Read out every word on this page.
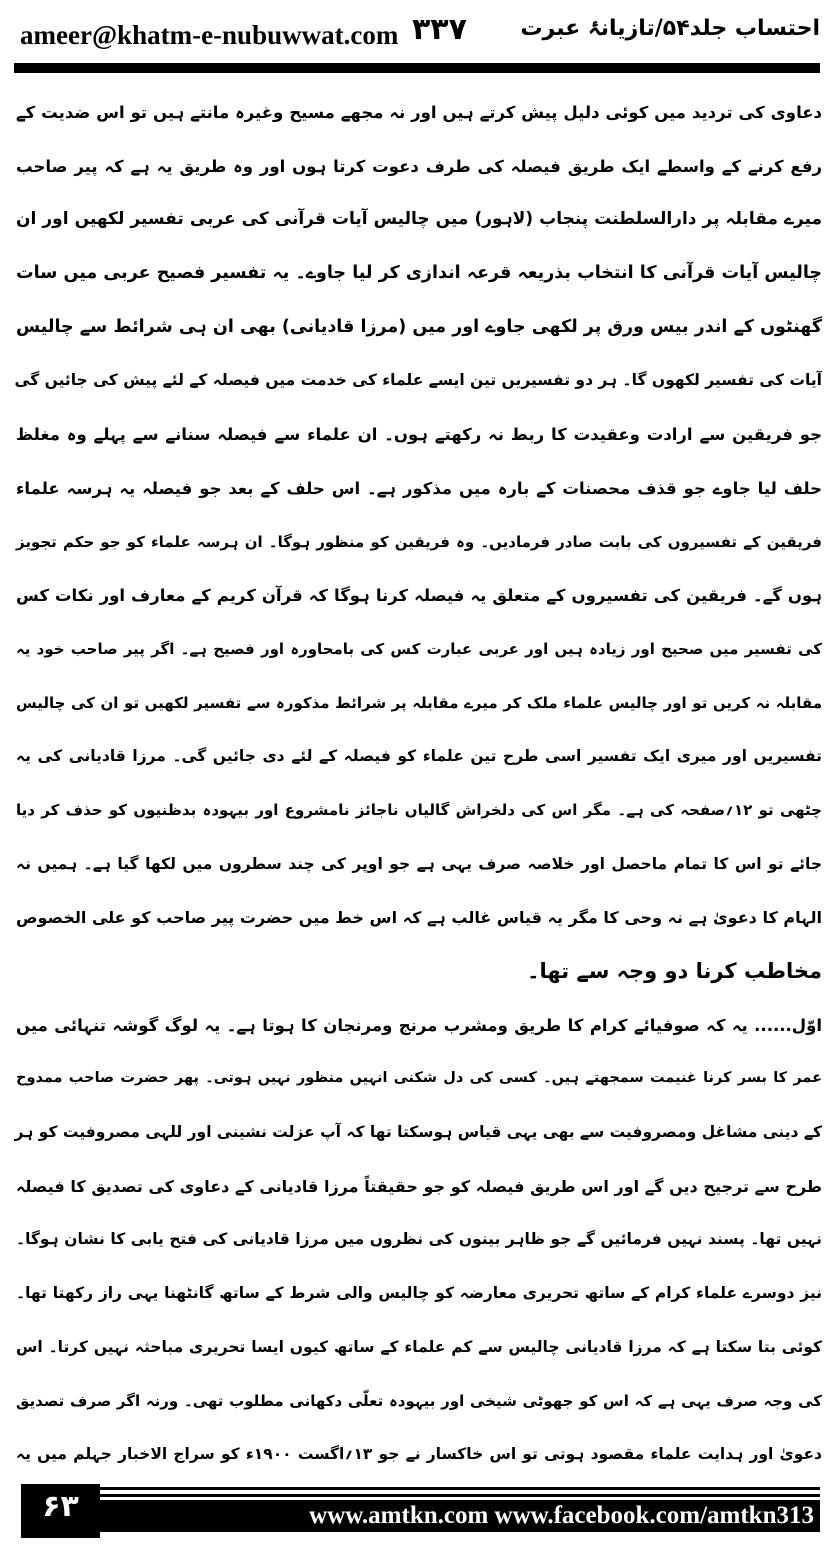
ameer@khatm-e-nubuwwat.com ۳۳۷ احتساب جلد۵۴/تازیانۂ عبرت
دعاوی کی تردید میں کوئی دلیل پیش کرتے ہیں اور نہ مجھے مسیح وغیرہ مانتے ہیں تو اس ضدیت کے
رفع کرنے کے واسطے ایک طریق فیصلہ کی طرف دعوت کرتا ہوں اور وہ طریق یہ ہے کہ پیر صاحب
میرے مقابلہ پر دارالسلطنت پنجاب (لاہور) میں چالیس آیات قرآنی کی عربی تفسیر لکھیں اور ان
چالیس آیات قرآنی کا انتخاب بذریعہ قرعہ اندازی کر لیا جاوے۔ یہ تفسیر فصیح عربی میں سات
گھنٹوں کے اندر بیس ورق پر لکھی جاوے اور میں (مرزا قادیانی) بھی ان ہی شرائط سے چالیس
آیات کی تفسیر لکھوں گا۔ ہر دو تفسیریں تین ایسے علماء کی خدمت میں فیصلہ کے لئے پیش کی جائیں گی
جو فریقین سے ارادت وعقیدت کا ربط نہ رکھتے ہوں۔ ان علماء سے فیصلہ سنانے سے پہلے وہ مغلظ
حلف لیا جاوے جو قذف محصنات کے بارہ میں مذکور ہے۔ اس حلف کے بعد جو فیصلہ یہ ہرسہ علماء
فریقین کے تفسیروں کی بابت صادر فرمادیں۔ وہ فریقین کو منظور ہوگا۔ ان ہرسہ علماء کو جو حکم تجویز
ہوں گے۔ فریقین کی تفسیروں کے متعلق یہ فیصلہ کرنا ہوگا کہ قرآن کریم کے معارف اور نکات کس
کی تفسیر میں صحیح اور زیادہ ہیں اور عربی عبارت کس کی بامحاورہ اور فصیح ہے۔ اگر پیر صاحب خود یہ
مقابلہ نہ کریں تو اور چالیس علماء ملک کر میرے مقابلہ پر شرائط مذکورہ سے تفسیر لکھیں تو ان کی چالیس
تفسیریں اور میری ایک تفسیر اسی طرح تین علماء کو فیصلہ کے لئے دی جائیں گی۔ مرزا قادیانی کی یہ
چٹھی تو ۱۲؍صفحہ کی ہے۔ مگر اس کی دلخراش گالیاں ناجائز نامشروع اور بیہودہ بدظنیوں کو حذف کر دیا
جائے تو اس کا تمام ماحصل اور خلاصہ صرف یہی ہے جو اوپر کی چند سطروں میں لکھا گیا ہے۔ ہمیں نہ
الہام کا دعویٰ ہے نہ وحی کا مگر یہ قیاس غالب ہے کہ اس خط میں حضرت پیر صاحب کو علی الخصوص
مخاطب کرنا دو وجہ سے تھا۔
اوّل...... یہ کہ صوفیائے کرام کا طریق ومشرب مرنج ومرنجان کا ہوتا ہے۔ یہ لوگ گوشہ تنہائی میں
عمر کا بسر کرنا غنیمت سمجھتے ہیں۔ کسی کی دل شکنی انہیں منظور نہیں ہوتی۔ پھر حضرت صاحب ممدوح
کے دینی مشاغل ومصروفیت سے بھی یہی قیاس ہوسکتا تھا کہ آپ عزلت نشینی اور للہی مصروفیت کو ہر
طرح سے ترجیح دیں گے اور اس طریق فیصلہ کو جو حقیقتاً مرزا قادیانی کے دعاوی کی تصدیق کا فیصلہ
نہیں تھا۔ پسند نہیں فرمائیں گے جو ظاہر بینوں کی نظروں میں مرزا قادیانی کی فتح یابی کا نشان ہوگا۔
نیز دوسرے علماء کرام کے ساتھ تحریری معارضہ کو چالیس والی شرط کے ساتھ گانٹھنا یہی راز رکھتا تھا۔
کوئی بتا سکتا ہے کہ مرزا قادیانی چالیس سے کم علماء کے ساتھ کیوں ایسا تحریری مباحثہ نہیں کرتا۔ اس
کی وجہ صرف یہی ہے کہ اس کو جھوٹی شیخی اور بیہودہ تعلّی دکھانی مطلوب تھی۔ ورنہ اگر صرف تصدیق
دعویٰ اور ہدایت علماء مقصود ہوتی تو اس خاکسار نے جو ۱۳؍اگست ۱۹۰۰ء کو سراج الاخبار جہلم میں یہ
۶۳	www.amtkn.com www.facebook.com/amtkn313 www.emaktaba.info
